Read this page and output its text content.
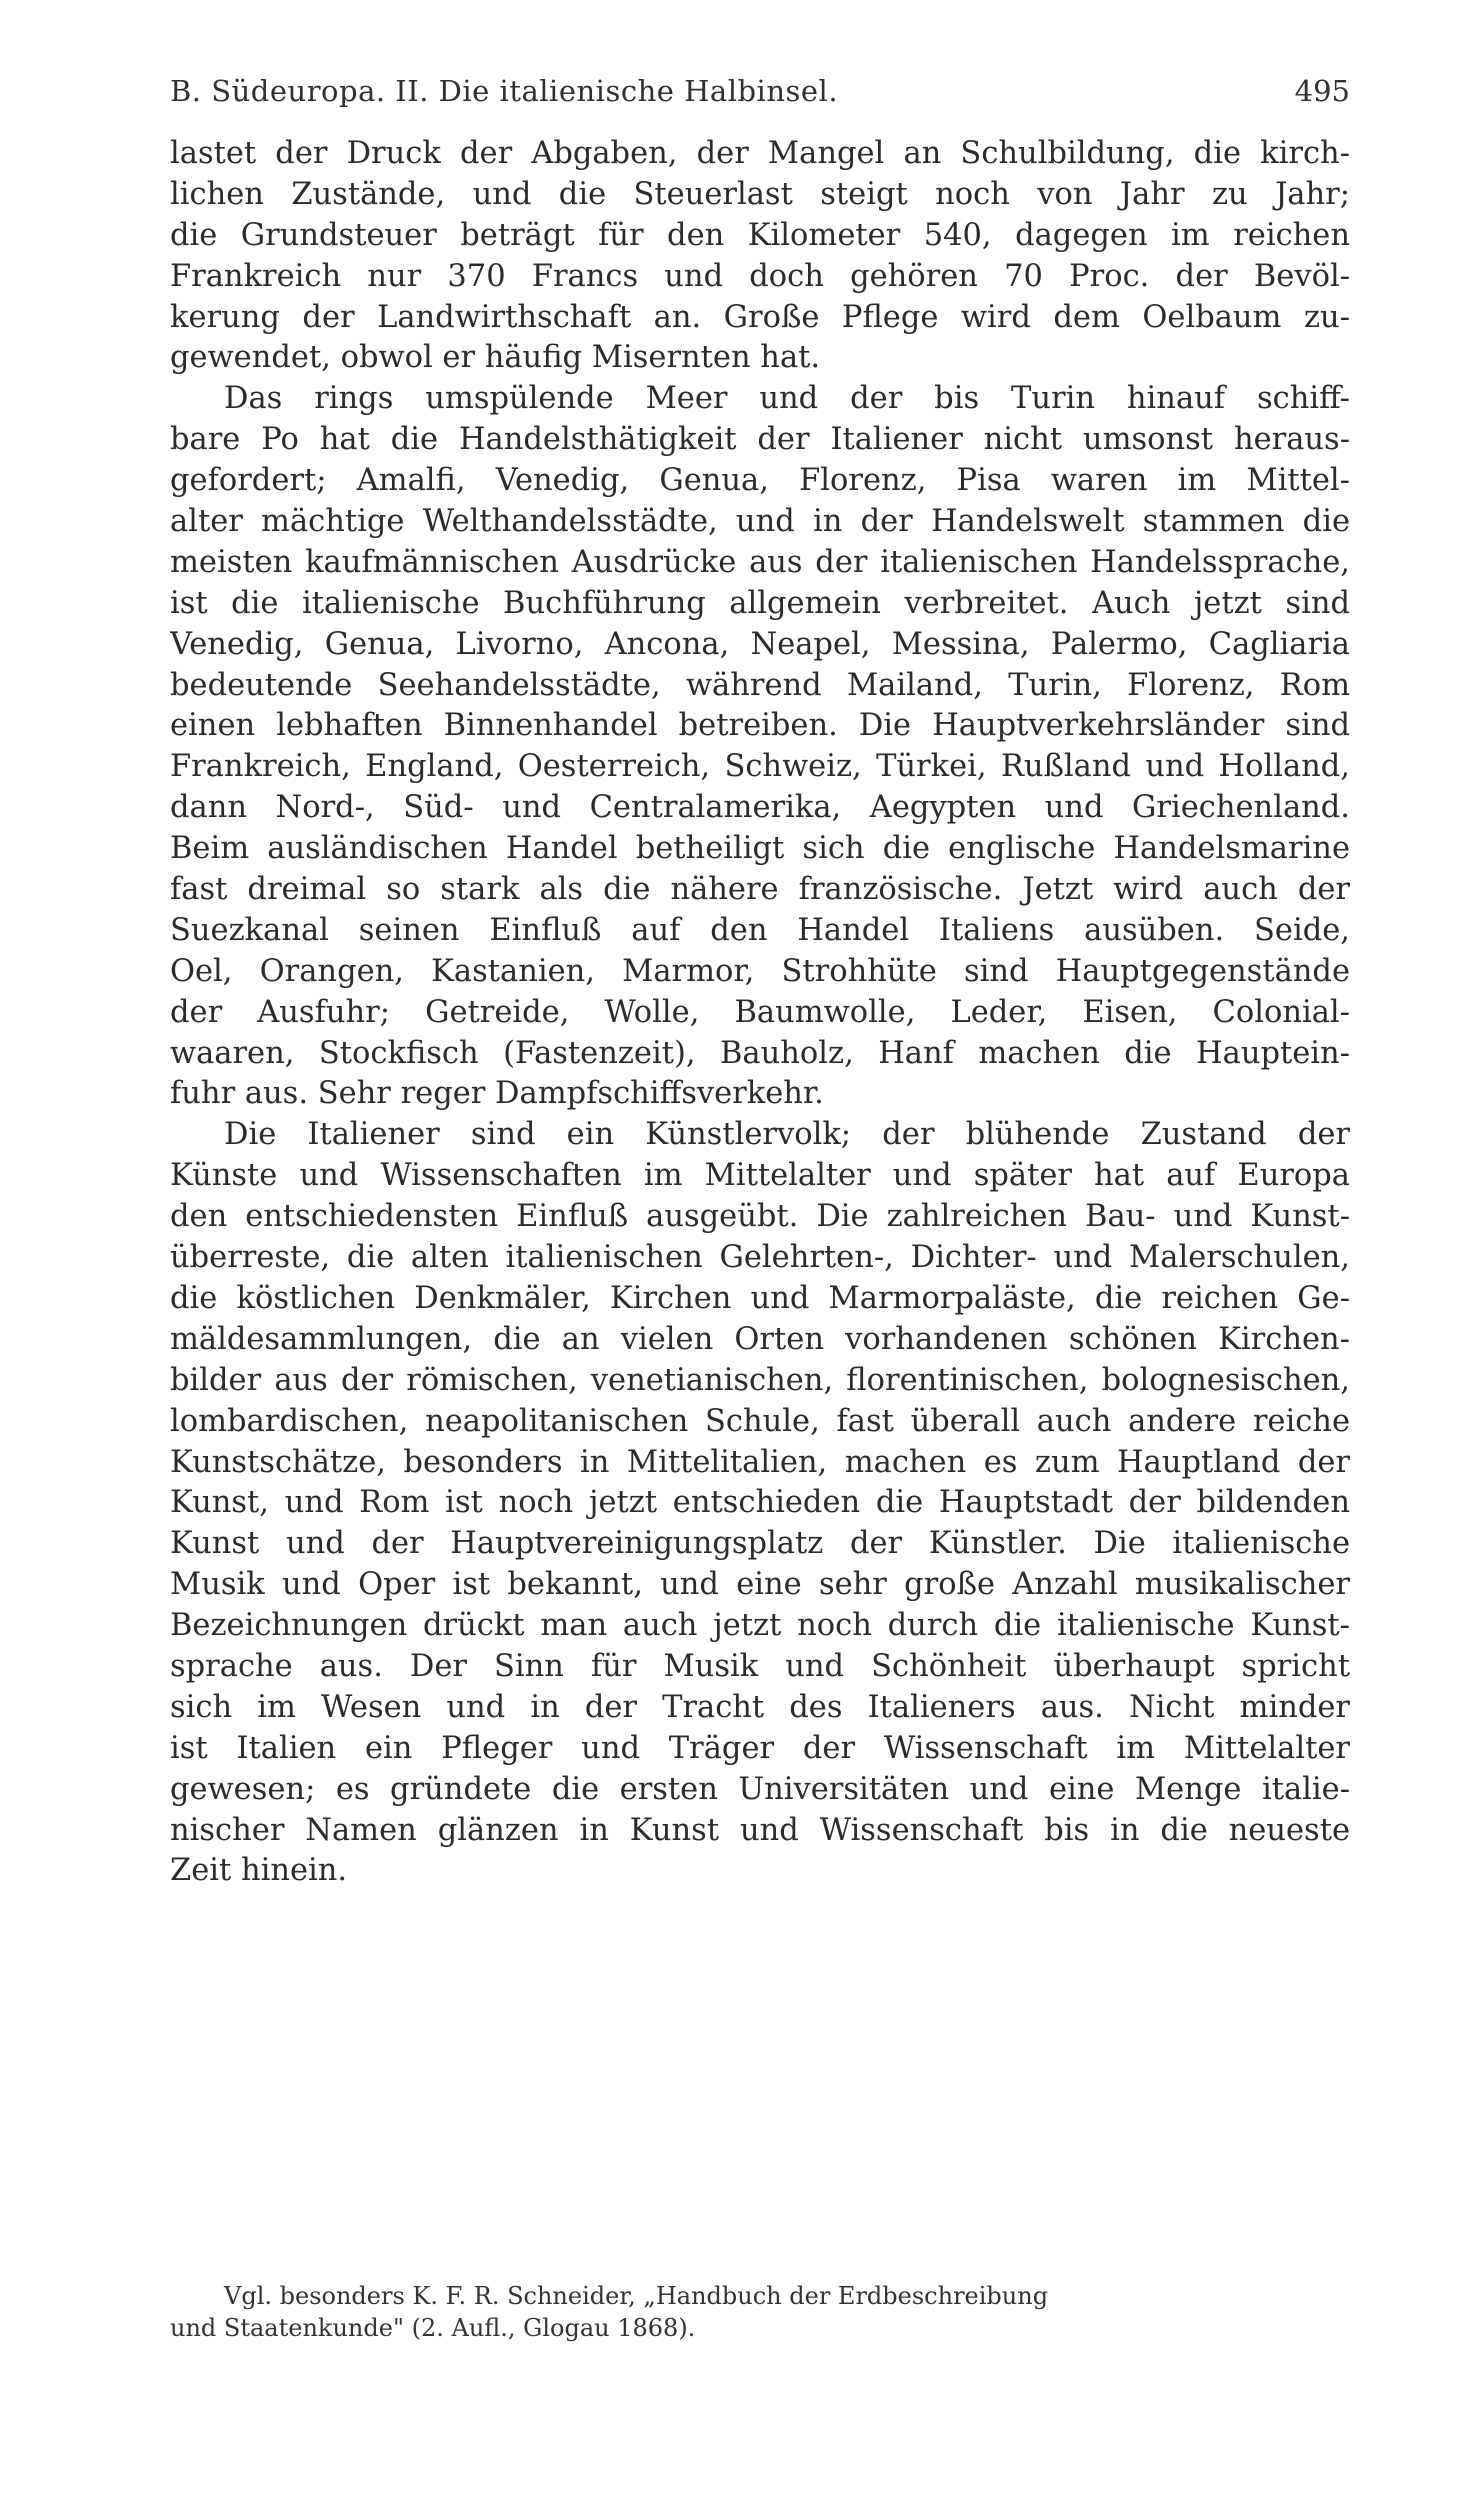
B. Südeuropa. II. Die italienische Halbinsel.	495
lastet der Druck der Abgaben, der Mangel an Schulbildung, die kirch-
lichen Zustände, und die Steuerlast steigt noch von Jahr zu Jahr;
die Grundsteuer beträgt für den Kilometer 540, dagegen im reichen
Frankreich nur 370 Francs und doch gehören 70 Proc. der Bevöl-
kerung der Landwirthschaft an. Große Pflege wird dem Oelbaum zu-
gewendet, obwol er häufig Misernten hat.
Das rings umspülende Meer und der bis Turin hinauf schiff-
bare Po hat die Handelsthätigkeit der Italiener nicht umsonst heraus-
gefordert; Amalfi, Venedig, Genua, Florenz, Pisa waren im Mittel-
alter mächtige Welthandelsstädte, und in der Handelswelt stammen die
meisten kaufmännischen Ausdrücke aus der italienischen Handelssprache,
ist die italienische Buchführung allgemein verbreitet. Auch jetzt sind
Venedig, Genua, Livorno, Ancona, Neapel, Messina, Palermo, Cagliaria
bedeutende Seehandelsstädte, während Mailand, Turin, Florenz, Rom
einen lebhaften Binnenhandel betreiben. Die Hauptverkehrsländer sind
Frankreich, England, Oesterreich, Schweiz, Türkei, Rußland und Holland,
dann Nord-, Süd- und Centralamerika, Aegypten und Griechenland.
Beim ausländischen Handel betheiligt sich die englische Handelsmarine
fast dreimal so stark als die nähere französische. Jetzt wird auch der
Suezkanal seinen Einfluß auf den Handel Italiens ausüben. Seide,
Oel, Orangen, Kastanien, Marmor, Strohhüte sind Hauptgegenstände
der Ausfuhr; Getreide, Wolle, Baumwolle, Leder, Eisen, Colonial-
waaren, Stockfisch (Fastenzeit), Bauholz, Hanf machen die Hauptein-
fuhr aus. Sehr reger Dampfschiffsverkehr.
Die Italiener sind ein Künstlervolk; der blühende Zustand der
Künste und Wissenschaften im Mittelalter und später hat auf Europa
den entschiedensten Einfluß ausgeübt. Die zahlreichen Bau- und Kunst-
überreste, die alten italienischen Gelehrten-, Dichter- und Malerschulen,
die köstlichen Denkmäler, Kirchen und Marmorpaläste, die reichen Ge-
mäldesammlungen, die an vielen Orten vorhandenen schönen Kirchen-
bilder aus der römischen, venetianischen, florentinischen, bolognesischen,
lombardischen, neapolitanischen Schule, fast überall auch andere reiche
Kunstschätze, besonders in Mittelitalien, machen es zum Hauptland der
Kunst, und Rom ist noch jetzt entschieden die Hauptstadt der bildenden
Kunst und der Hauptvereinigungsplatz der Künstler. Die italienische
Musik und Oper ist bekannt, und eine sehr große Anzahl musikalischer
Bezeichnungen drückt man auch jetzt noch durch die italienische Kunst-
sprache aus. Der Sinn für Musik und Schönheit überhaupt spricht
sich im Wesen und in der Tracht des Italieners aus. Nicht minder
ist Italien ein Pfleger und Träger der Wissenschaft im Mittelalter
gewesen; es gründete die ersten Universitäten und eine Menge italie-
nischer Namen glänzen in Kunst und Wissenschaft bis in die neueste
Zeit hinein.
Vgl. besonders K. F. R. Schneider, „Handbuch der Erdbeschreibung
und Staatenkunde" (2. Aufl., Glogau 1868).
